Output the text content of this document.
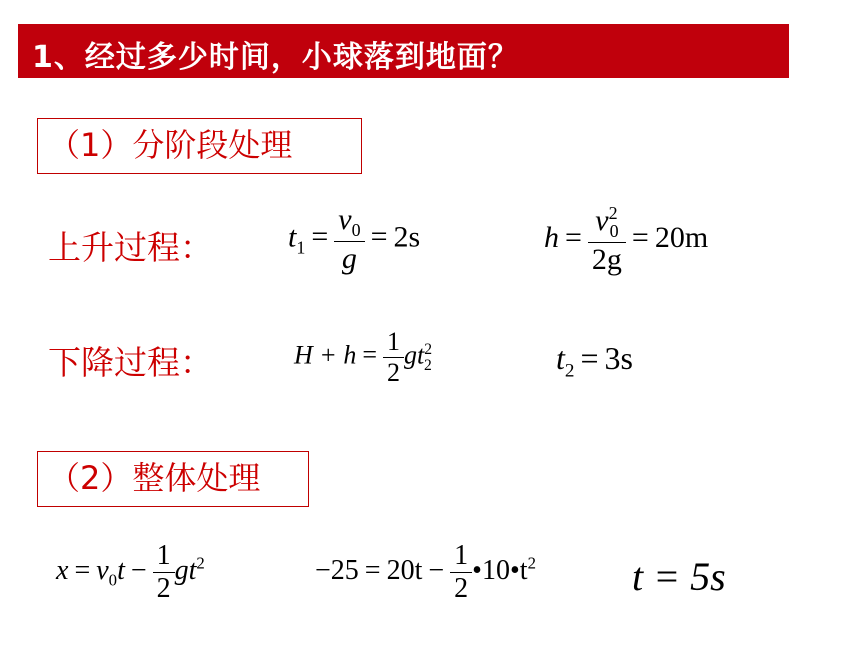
1、经过多少时间，小球落到地面？
（1）分阶段处理
上升过程：	$t_1 = \frac{v_0}{g} = 2s$	$h = \frac{v^2_0}{2g} = 20m$
下降过程：	$H + h = \frac{1}{2} gt^2_2$	$t_2 = 3s$
（2）整体处理
$x = v_0t - \frac{1}{2} gt^2$	$-25 = 20t - \frac{1}{2}$ $•10•t^2$ t = 5s
